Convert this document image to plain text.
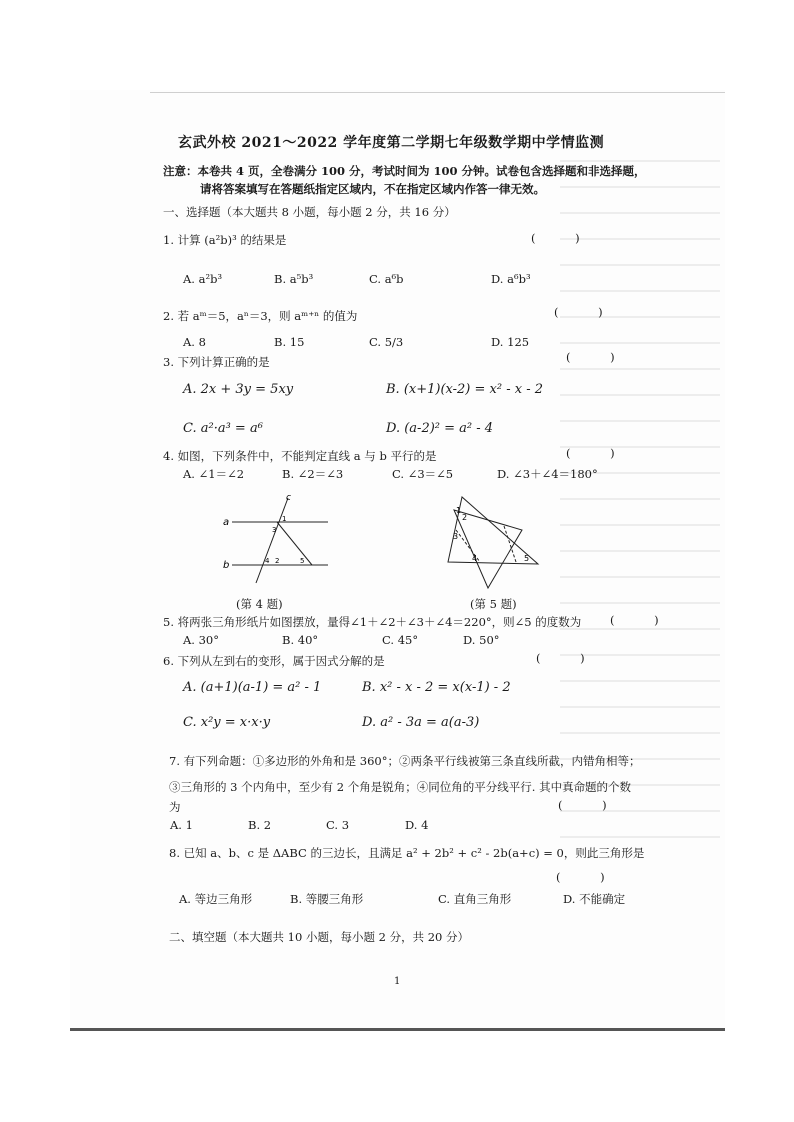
玄武外校 2021～2022 学年度第二学期七年级数学期中学情监测
注意：本卷共 4 页，全卷满分 100 分，考试时间为 100 分钟。试卷包含选择题和非选择题，
请将答案填写在答题纸指定区域内，不在指定区域内作答一律无效。
一、选择题（本大题共 8 小题，每小题 2 分，共 16 分）
1. 计算 (a²b)³ 的结果是	( )
A. a²b³	B. a⁵b³	C. a⁶b	D. a⁶b³
2. 若 aᵐ＝5，aⁿ＝3，则 aᵐ⁺ⁿ 的值为	( )
A. 8	B. 15	C. 5/3	D. 125
3. 下列计算正确的是	( )
A. 2x + 3y = 5xy	B. (x+1)(x-2) = x² - x - 2
C. a²·a³ = a⁶	D. (a-2)² = a² - 4
4. 如图，下列条件中，不能判定直线 a 与 b 平行的是	( )
A. ∠1＝∠2	B. ∠2＝∠3	C. ∠3＝∠5	D. ∠3＋∠4＝180°
a
b
c
1
3
4 2	5
(第 4 题)
1
2
3
4	5
(第 5 题)
5. 将两张三角形纸片如图摆放，量得∠1＋∠2＋∠3＋∠4＝220°，则∠5 的度数为	( )
A. 30°	B. 40°	C. 45°	D. 50°
6. 下列从左到右的变形，属于因式分解的是	( )
A. (a+1)(a-1) = a² - 1	B. x² - x - 2 = x(x-1) - 2
C. x²y = x·x·y	D. a² - 3a = a(a-3)
7. 有下列命题：①多边形的外角和是 360°；②两条平行线被第三条直线所截，内错角相等；
③三角形的 3 个内角中，至少有 2 个角是锐角；④同位角的平分线平行. 其中真命题的个数
为	( )
A. 1	B. 2	C. 3	D. 4
8. 已知 a、b、c 是 ΔABC 的三边长，且满足 a² + 2b² + c² - 2b(a+c) = 0，则此三角形是
( )
A. 等边三角形	B. 等腰三角形	C. 直角三角形	D. 不能确定
二、填空题（本大题共 10 小题，每小题 2 分，共 20 分）
1
